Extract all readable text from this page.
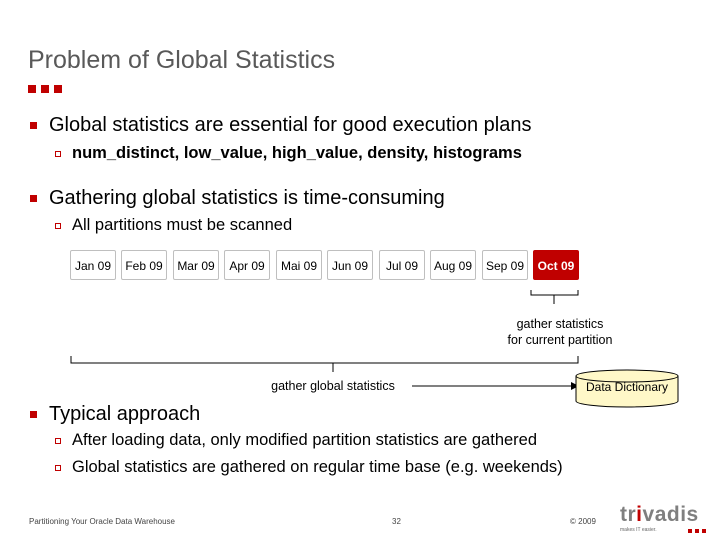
Problem of Global Statistics
Global statistics are essential for good execution plans
num_distinct, low_value, high_value, density, histograms
Gathering global statistics is time-consuming
All partitions must be scanned
Jan 09	Feb 09	Mar 09	Apr 09	Mai 09	Jun 09	Jul 09	Aug 09	Sep 09	Oct 09
gather statistics
for current partition
gather global statistics	Data Dictionary
Typical approach
After loading data, only modified partition statistics are gathered
Global statistics are gathered on regular time base (e.g. weekends)
Partitioning Your Oracle Data Warehouse	32	© 2009 trivadis
makes IT easier.
